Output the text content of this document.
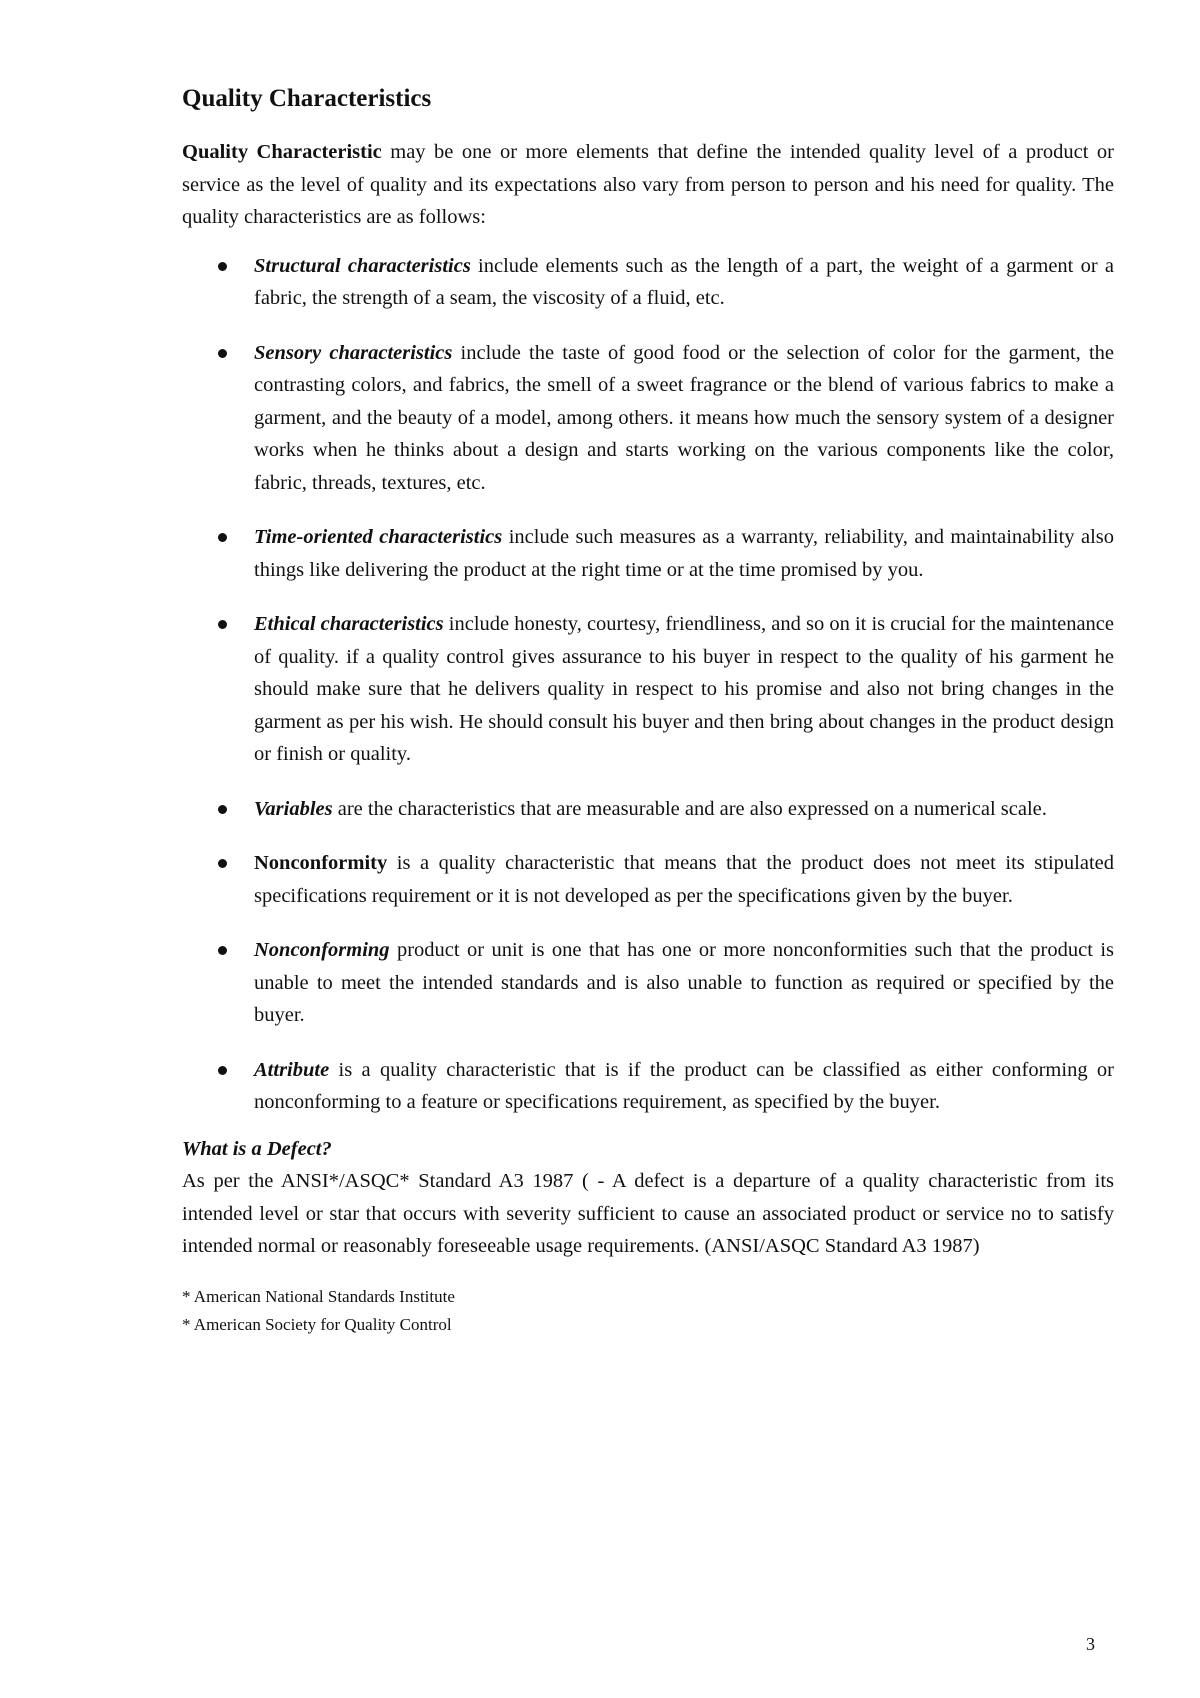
Quality Characteristics

Quality Characteristic may be one or more elements that define the intended quality level of a product or service as the level of quality and its expectations also vary from person to person and his need for quality. The quality characteristics are as follows:

Structural characteristics include elements such as the length of a part, the weight of a garment or a fabric, the strength of a seam, the viscosity of a fluid, etc.
Sensory characteristics include the taste of good food or the selection of color for the garment, the contrasting colors, and fabrics, the smell of a sweet fragrance or the blend of various fabrics to make a garment, and the beauty of a model, among others. it means how much the sensory system of a designer works when he thinks about a design and starts working on the various components like the color, fabric, threads, textures, etc.
Time-oriented characteristics include such measures as a warranty, reliability, and maintainability also things like delivering the product at the right time or at the time promised by you.
Ethical characteristics include honesty, courtesy, friendliness, and so on it is crucial for the maintenance of quality. if a quality control gives assurance to his buyer in respect to the quality of his garment he should make sure that he delivers quality in respect to his promise and also not bring changes in the garment as per his wish. He should consult his buyer and then bring about changes in the product design or finish or quality.
Variables are the characteristics that are measurable and are also expressed on a numerical scale.
Nonconformity is a quality characteristic that means that the product does not meet its stipulated specifications requirement or it is not developed as per the specifications given by the buyer.
Nonconforming product or unit is one that has one or more nonconformities such that the product is unable to meet the intended standards and is also unable to function as required or specified by the buyer.
Attribute is a quality characteristic that is if the product can be classified as either conforming or nonconforming to a feature or specifications requirement, as specified by the buyer.
What is a Defect?

As per the ANSI*/ASQC* Standard A3 1987 ( - A defect is a departure of a quality characteristic from its intended level or star that occurs with severity sufficient to cause an associated product or service no to satisfy intended normal or reasonably foreseeable usage requirements. (ANSI/ASQC Standard A3 1987)

* American National Standards Institute
* American Society for Quality Control
3
